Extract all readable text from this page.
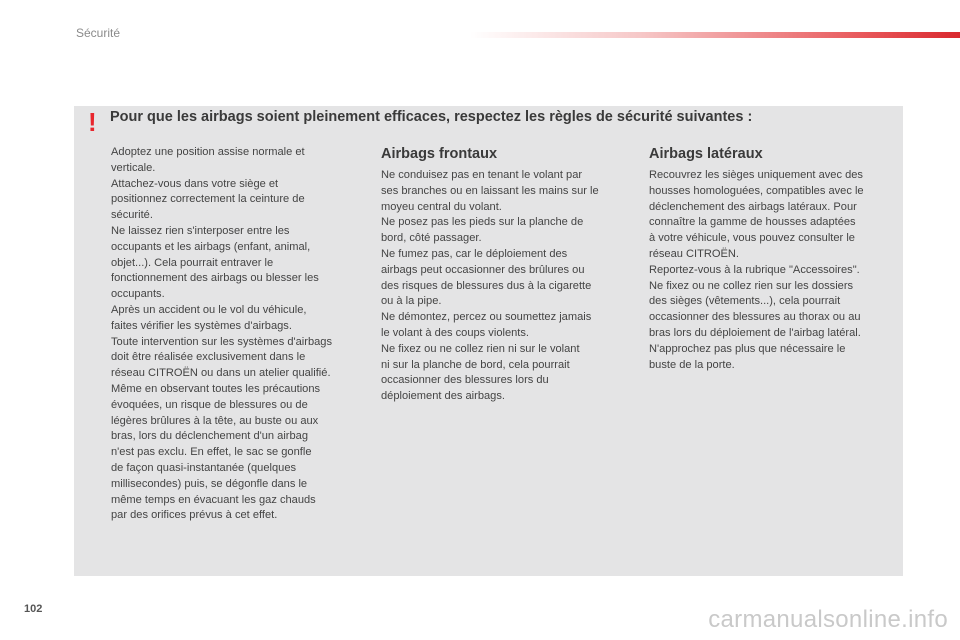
Sécurité
! Pour que les airbags soient pleinement efficaces, respectez les règles de sécurité suivantes :

Adoptez une position assise normale et

verticale.

Attachez-vous dans votre siège et

positionnez correctement la ceinture de

sécurité.

Ne laissez rien s'interposer entre les

occupants et les airbags (enfant, animal,

objet...). Cela pourrait entraver le

fonctionnement des airbags ou blesser les

occupants.

Après un accident ou le vol du véhicule,

faites vérifier les systèmes d'airbags.

Toute intervention sur les systèmes d'airbags

doit être réalisée exclusivement dans le

réseau CITROËN ou dans un atelier qualifié.

Même en observant toutes les précautions

évoquées, un risque de blessures ou de

légères brûlures à la tête, au buste ou aux

bras, lors du déclenchement d'un airbag

n'est pas exclu. En effet, le sac se gonfle

de façon quasi-instantanée (quelques

millisecondes) puis, se dégonfle dans le

même temps en évacuant les gaz chauds

par des orifices prévus à cet effet.

Airbags frontaux

Ne conduisez pas en tenant le volant par

ses branches ou en laissant les mains sur le

moyeu central du volant.

Ne posez pas les pieds sur la planche de

bord, côté passager.

Ne fumez pas, car le déploiement des

airbags peut occasionner des brûlures ou

des risques de blessures dus à la cigarette

ou à la pipe.

Ne démontez, percez ou soumettez jamais

le volant à des coups violents.

Ne fixez ou ne collez rien ni sur le volant

ni sur la planche de bord, cela pourrait

occasionner des blessures lors du

déploiement des airbags.

Airbags latéraux

Recouvrez les sièges uniquement avec des

housses homologuées, compatibles avec le

déclenchement des airbags latéraux. Pour

connaître la gamme de housses adaptées

à votre véhicule, vous pouvez consulter le

réseau CITROËN.

Reportez-vous à la rubrique "Accessoires".

Ne fixez ou ne collez rien sur les dossiers

des sièges (vêtements...), cela pourrait

occasionner des blessures au thorax ou au

bras lors du déploiement de l'airbag latéral.

N'approchez pas plus que nécessaire le

buste de la porte.

102	carmanualsonline.info
